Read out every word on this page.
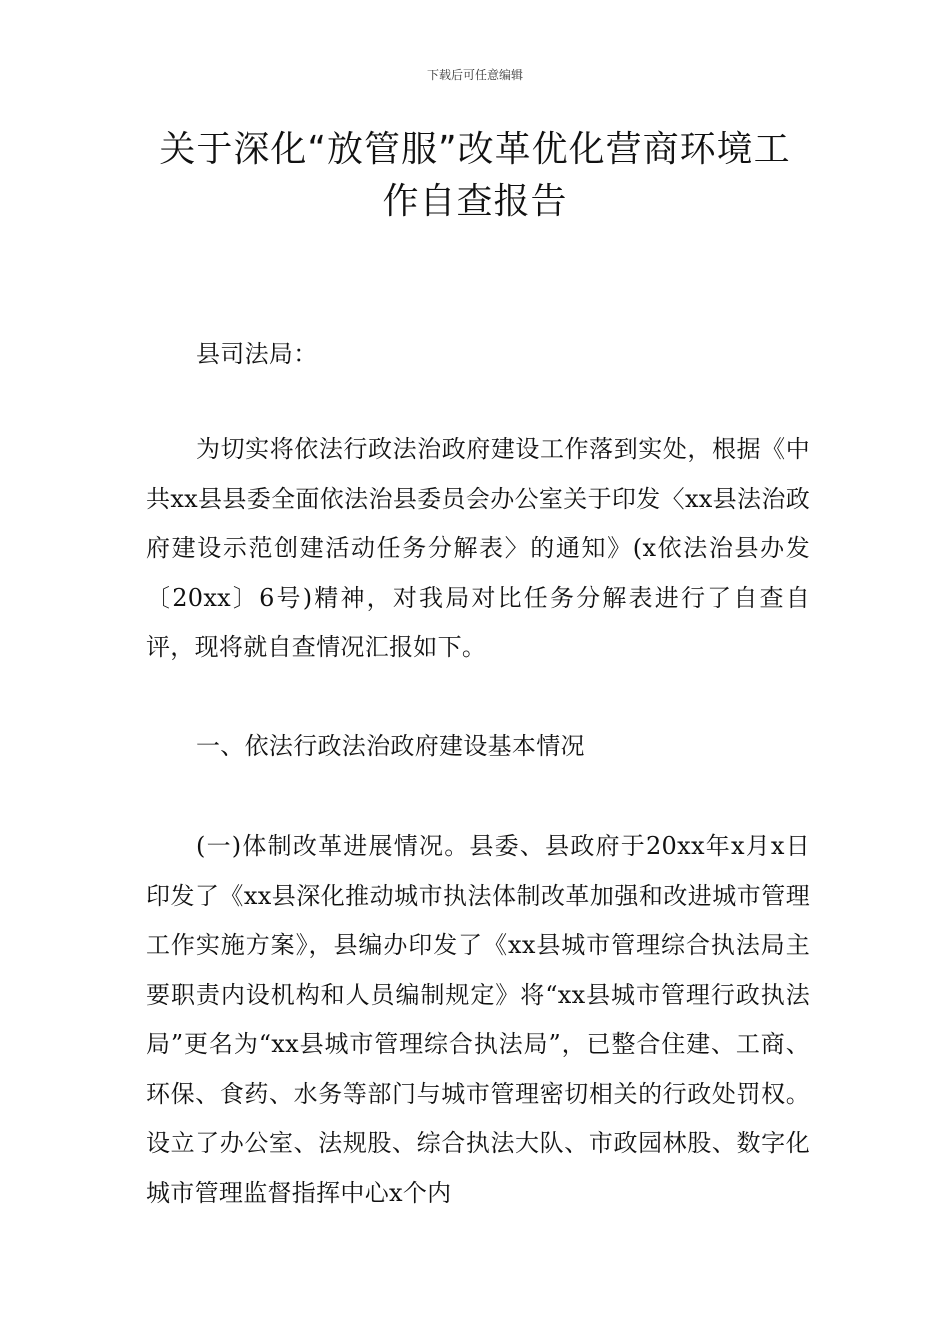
下载后可任意编辑
关于深化“放管服”改革优化营商环境工作自查报告

县司法局：

为切实将依法行政法治政府建设工作落到实处，根据《中共xx县县委全面依法治县委员会办公室关于印发〈xx县法治政府建设示范创建活动任务分解表〉的通知》(x依法治县办发〔20xx〕6号)精神，对我局对比任务分解表进行了自查自评，现将就自查情况汇报如下。

一、依法行政法治政府建设基本情况

(一)体制改革进展情况。县委、县政府于20xx年x月x日印发了《xx县深化推动城市执法体制改革加强和改进城市管理工作实施方案》，县编办印发了《xx县城市管理综合执法局主要职责内设机构和人员编制规定》将“xx县城市管理行政执法局”更名为“xx县城市管理综合执法局”，已整合住建、工商、环保、食药、水务等部门与城市管理密切相关的行政处罚权。设立了办公室、法规股、综合执法大队、市政园林股、数字化城市管理监督指挥中心x个内
